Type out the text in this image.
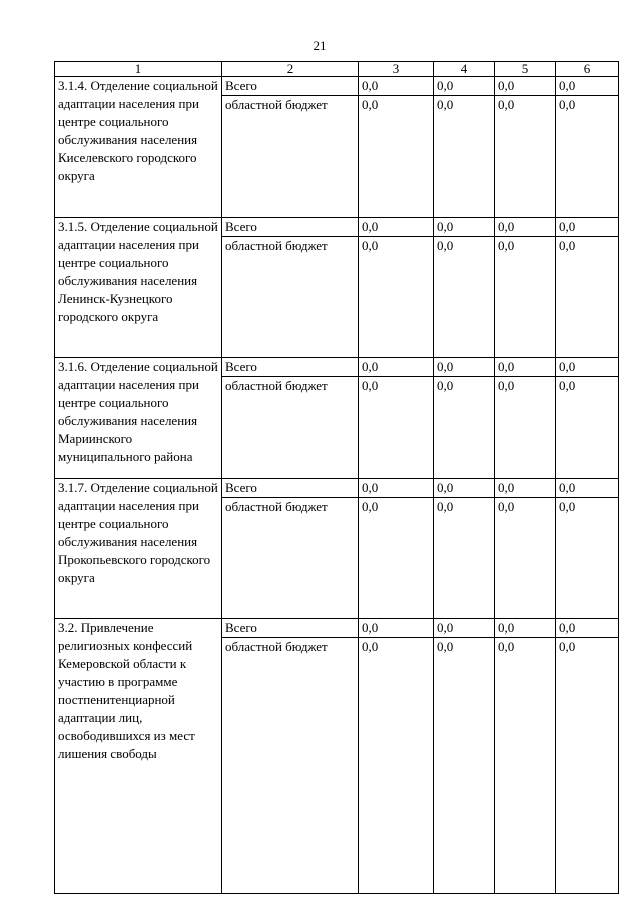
21
1	2	3	4	5	6
3.1.4. Отделение социальной адаптации населения при центре социального обслуживания населения Киселевского городского округа	Всего	0,0	0,0	0,0	0,0
	областной бюджет	0,0	0,0	0,0	0,0
3.1.5. Отделение социальной адаптации населения при центре социального обслуживания населения Ленинск-Кузнецкого городского округа	Всего	0,0	0,0	0,0	0,0
	областной бюджет	0,0	0,0	0,0	0,0
3.1.6. Отделение социальной адаптации населения при центре социального обслуживания населения Мариинского муниципального района	Всего	0,0	0,0	0,0	0,0
	областной бюджет	0,0	0,0	0,0	0,0
3.1.7. Отделение социальной адаптации населения при центре социального обслуживания населения Прокопьевского городского округа	Всего	0,0	0,0	0,0	0,0
	областной бюджет	0,0	0,0	0,0	0,0
3.2. Привлечение религиозных конфессий Кемеровской области к участию в программе постпенитенциарной адаптации лиц, освободившихся из мест лишения свободы	Всего	0,0	0,0	0,0	0,0
	областной бюджет	0,0	0,0	0,0	0,0
